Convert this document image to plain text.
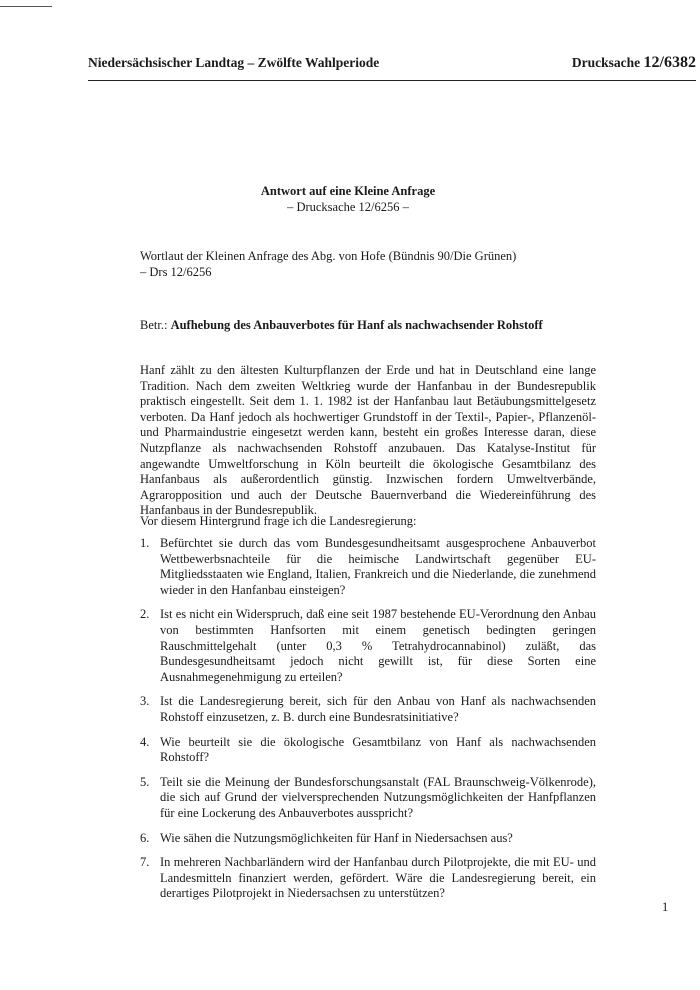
Niedersächsischer Landtag – Zwölfte Wahlperiode	Drucksache 12/6382
Antwort auf eine Kleine Anfrage
– Drucksache 12/6256 –
Wortlaut der Kleinen Anfrage des Abg. von Hofe (Bündnis 90/Die Grünen)
– Drs 12/6256
Betr.: Aufhebung des Anbauverbotes für Hanf als nachwachsender Rohstoff
Hanf zählt zu den ältesten Kulturpflanzen der Erde und hat in Deutschland eine lange Tradition. Nach dem zweiten Weltkrieg wurde der Hanfanbau in der Bundesrepublik praktisch eingestellt. Seit dem 1. 1. 1982 ist der Hanfanbau laut Betäubungsmittelgesetz verboten. Da Hanf jedoch als hochwertiger Grundstoff in der Textil-, Papier-, Pflanzenöl- und Pharmaindustrie eingesetzt werden kann, besteht ein großes Interesse daran, diese Nutzpflanze als nachwachsenden Rohstoff anzubauen. Das Katalyse-Institut für angewandte Umweltforschung in Köln beurteilt die ökologische Gesamtbilanz des Hanfanbaus als außerordentlich günstig. Inzwischen fordern Umweltverbände, Agraropposition und auch der Deutsche Bauernverband die Wiedereinführung des Hanfanbaus in der Bundesrepublik.
Vor diesem Hintergrund frage ich die Landesregierung:
1. Befürchtet sie durch das vom Bundesgesundheitsamt ausgesprochene Anbauverbot Wettbewerbsnachteile für die heimische Landwirtschaft gegenüber EU-Mitgliedsstaaten wie England, Italien, Frankreich und die Niederlande, die zunehmend wieder in den Hanfanbau einsteigen?
2. Ist es nicht ein Widerspruch, daß eine seit 1987 bestehende EU-Verordnung den Anbau von bestimmten Hanfsorten mit einem genetisch bedingten geringen Rauschmittelgehalt (unter 0,3 % Tetrahydrocannabinol) zuläßt, das Bundesgesundheitsamt jedoch nicht gewillt ist, für diese Sorten eine Ausnahmegenehmigung zu erteilen?
3. Ist die Landesregierung bereit, sich für den Anbau von Hanf als nachwachsenden Rohstoff einzusetzen, z. B. durch eine Bundesratsinitiative?
4. Wie beurteilt sie die ökologische Gesamtbilanz von Hanf als nachwachsenden Rohstoff?
5. Teilt sie die Meinung der Bundesforschungsanstalt (FAL Braunschweig-Völkenrode), die sich auf Grund der vielversprechenden Nutzungsmöglichkeiten der Hanfpflanzen für eine Lockerung des Anbauverbotes ausspricht?
6. Wie sähen die Nutzungsmöglichkeiten für Hanf in Niedersachsen aus?
7. In mehreren Nachbarländern wird der Hanfanbau durch Pilotprojekte, die mit EU- und Landesmitteln finanziert werden, gefördert. Wäre die Landesregierung bereit, ein derartiges Pilotprojekt in Niedersachsen zu unterstützen?
1
